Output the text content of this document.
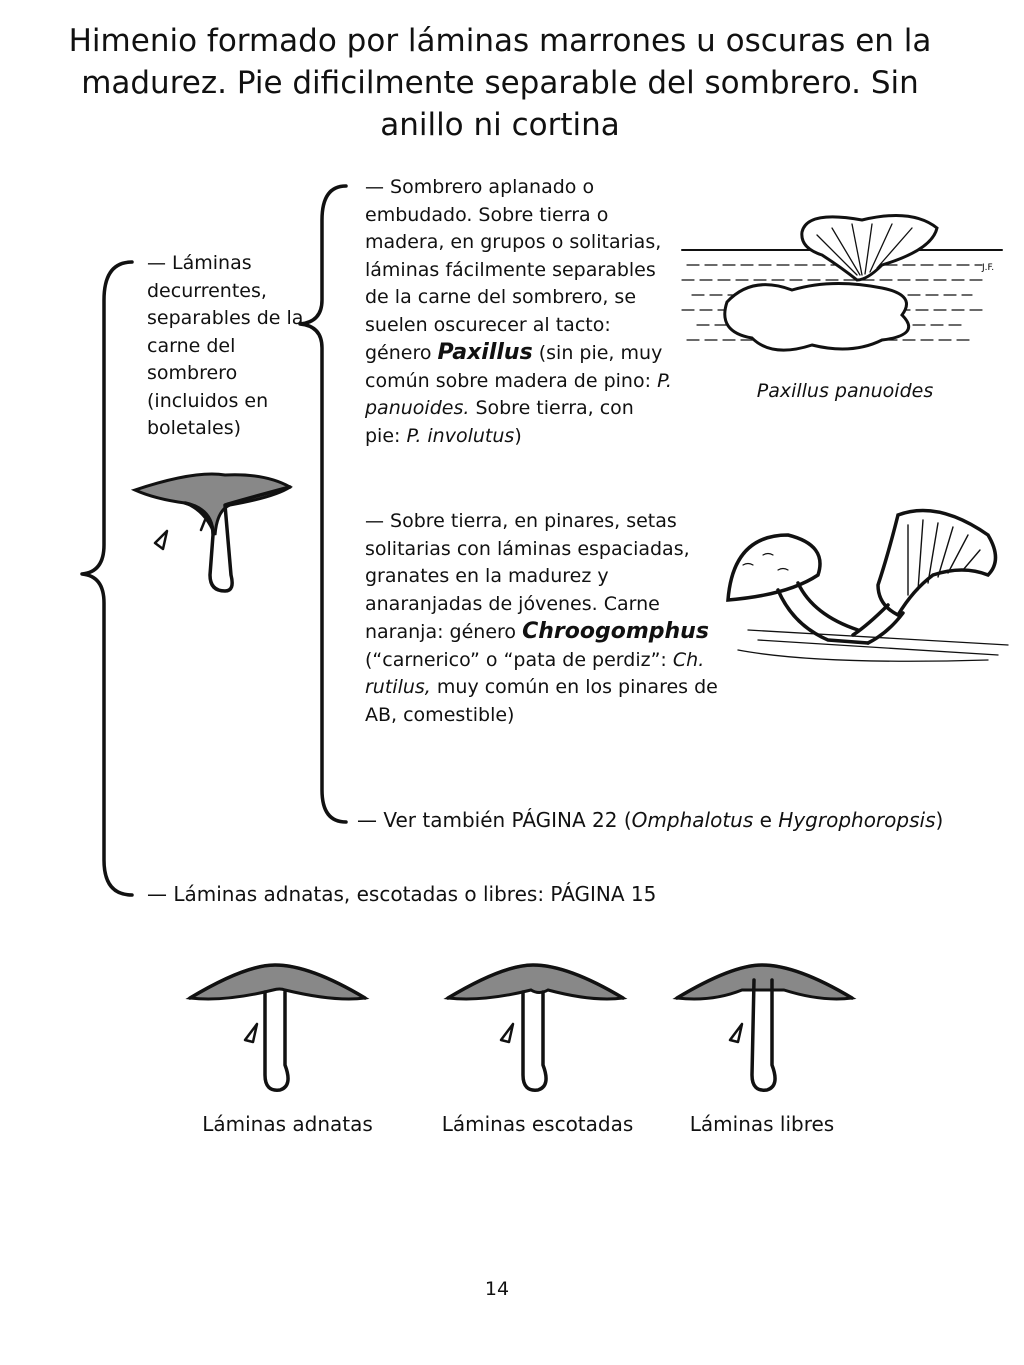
Himenio formado por láminas marrones u oscuras en la madurez. Pie dificilmente separable del sombrero. Sin anillo ni cortina
— Láminas decurrentes, separables de la carne del sombrero (incluidos en boletales)
— Sombrero aplanado o embudado. Sobre tierra o madera, en grupos o solitarias, láminas fácilmente separables de la carne del sombrero, se suelen oscurecer al tacto: género Paxillus (sin pie, muy común sobre madera de pino: P. panuoides. Sobre tierra, con pie: P. involutus)
J.F.
Paxillus panuoides
— Sobre tierra, en pinares, setas solitarias con láminas espaciadas, granates en la madurez y anaranjadas de jóvenes. Carne naranja: género Chroogomphus (“carnerico” o “pata de perdiz”: Ch. rutilus, muy común en los pinares de AB, comestible)
— Ver también PÁGINA 22 (Omphalotus e Hygrophoropsis)
— Láminas adnatas, escotadas o libres: PÁGINA 15
Láminas adnatas	Láminas escotadas	Láminas libres
14
